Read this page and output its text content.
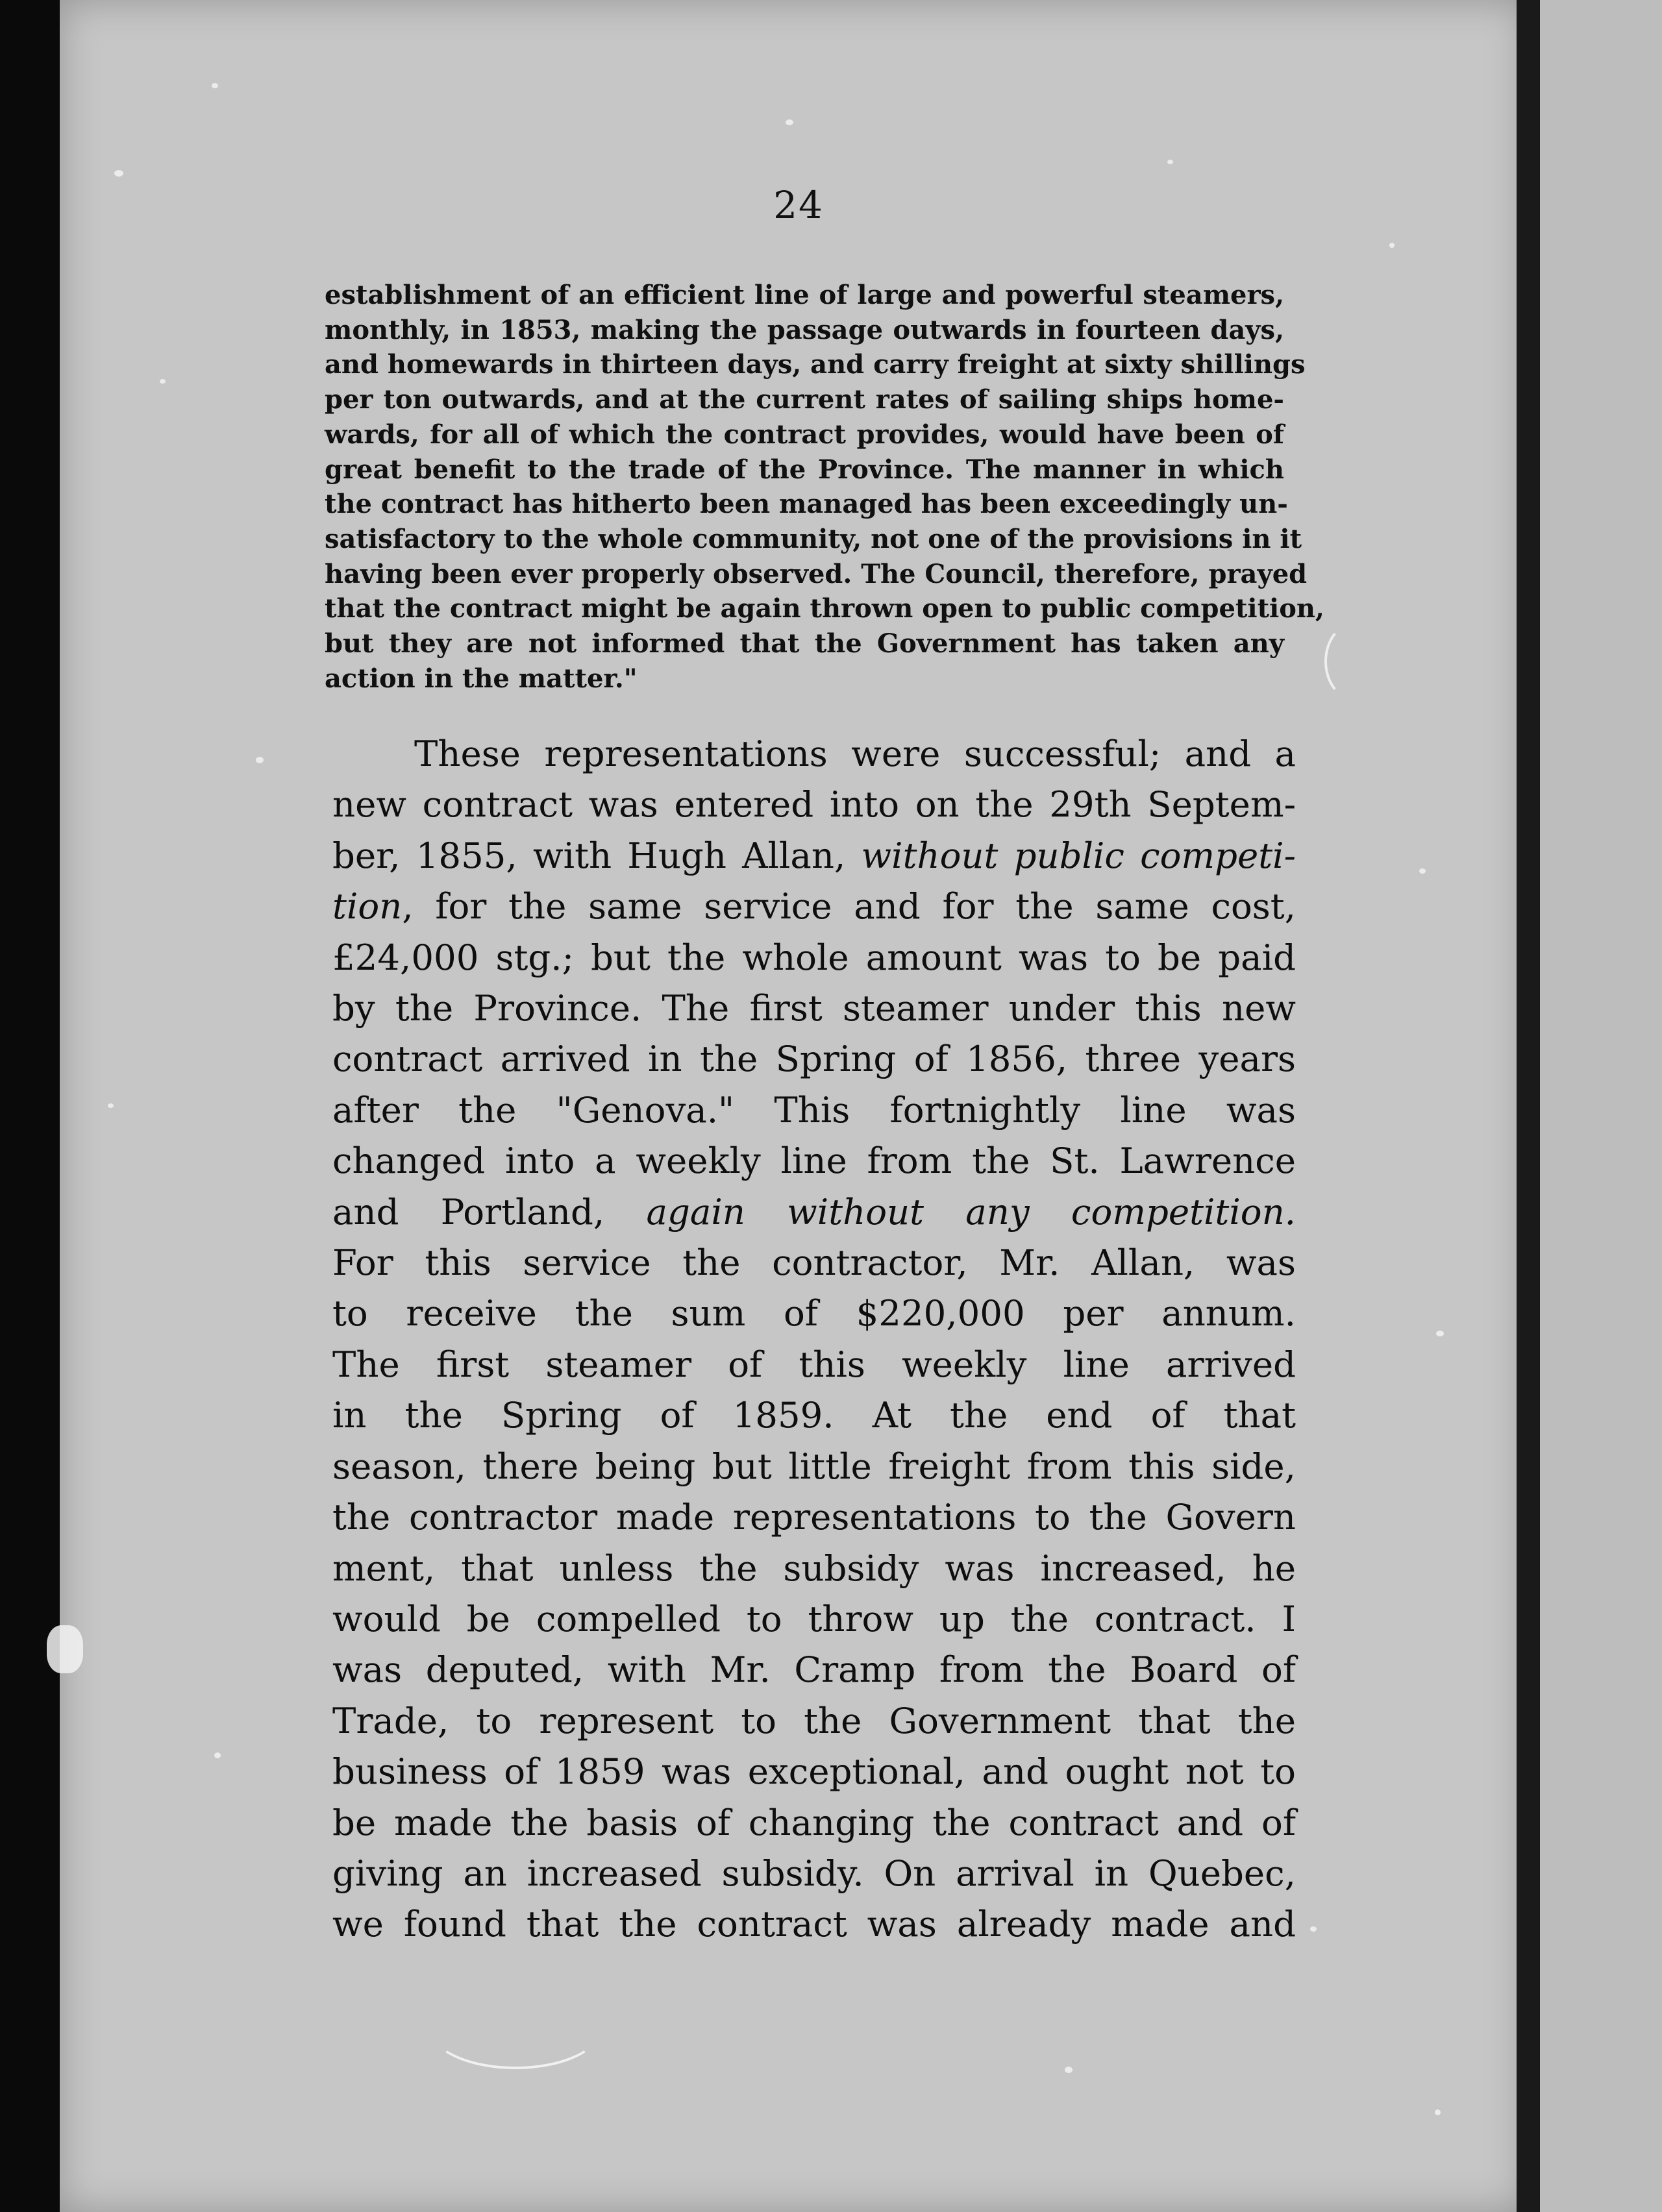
24
establishment of an efficient line of large and powerful steamers,
monthly, in 1853, making the passage outwards in fourteen days,
and homewards in thirteen days, and carry freight at sixty shillings
per ton outwards, and at the current rates of sailing ships home-
wards, for all of which the contract provides, would have been of
great benefit to the trade of the Province. The manner in which
the contract has hitherto been managed has been exceedingly un-
satisfactory to the whole community, not one of the provisions in it
having been ever properly observed. The Council, therefore, prayed
that the contract might be again thrown open to public competition,
but they are not informed that the Government has taken any
action in the matter."
These representations were successful; and a
new contract was entered into on the 29th Septem-
ber, 1855, with Hugh Allan, without public competi-
tion, for the same service and for the same cost,
£24,000 stg.; but the whole amount was to be paid
by the Province. The first steamer under this new
contract arrived in the Spring of 1856, three years
after the "Genova." This fortnightly line was
changed into a weekly line from the St. Lawrence
and Portland, again without any competition.
For this service the contractor, Mr. Allan, was
to receive the sum of $220,000 per annum.
The first steamer of this weekly line arrived
in the Spring of 1859. At the end of that
season, there being but little freight from this side,
the contractor made representations to the Govern
ment, that unless the subsidy was increased, he
would be compelled to throw up the contract. I
was deputed, with Mr. Cramp from the Board of
Trade, to represent to the Government that the
business of 1859 was exceptional, and ought not to
be made the basis of changing the contract and of
giving an increased subsidy. On arrival in Quebec,
we found that the contract was already made and
